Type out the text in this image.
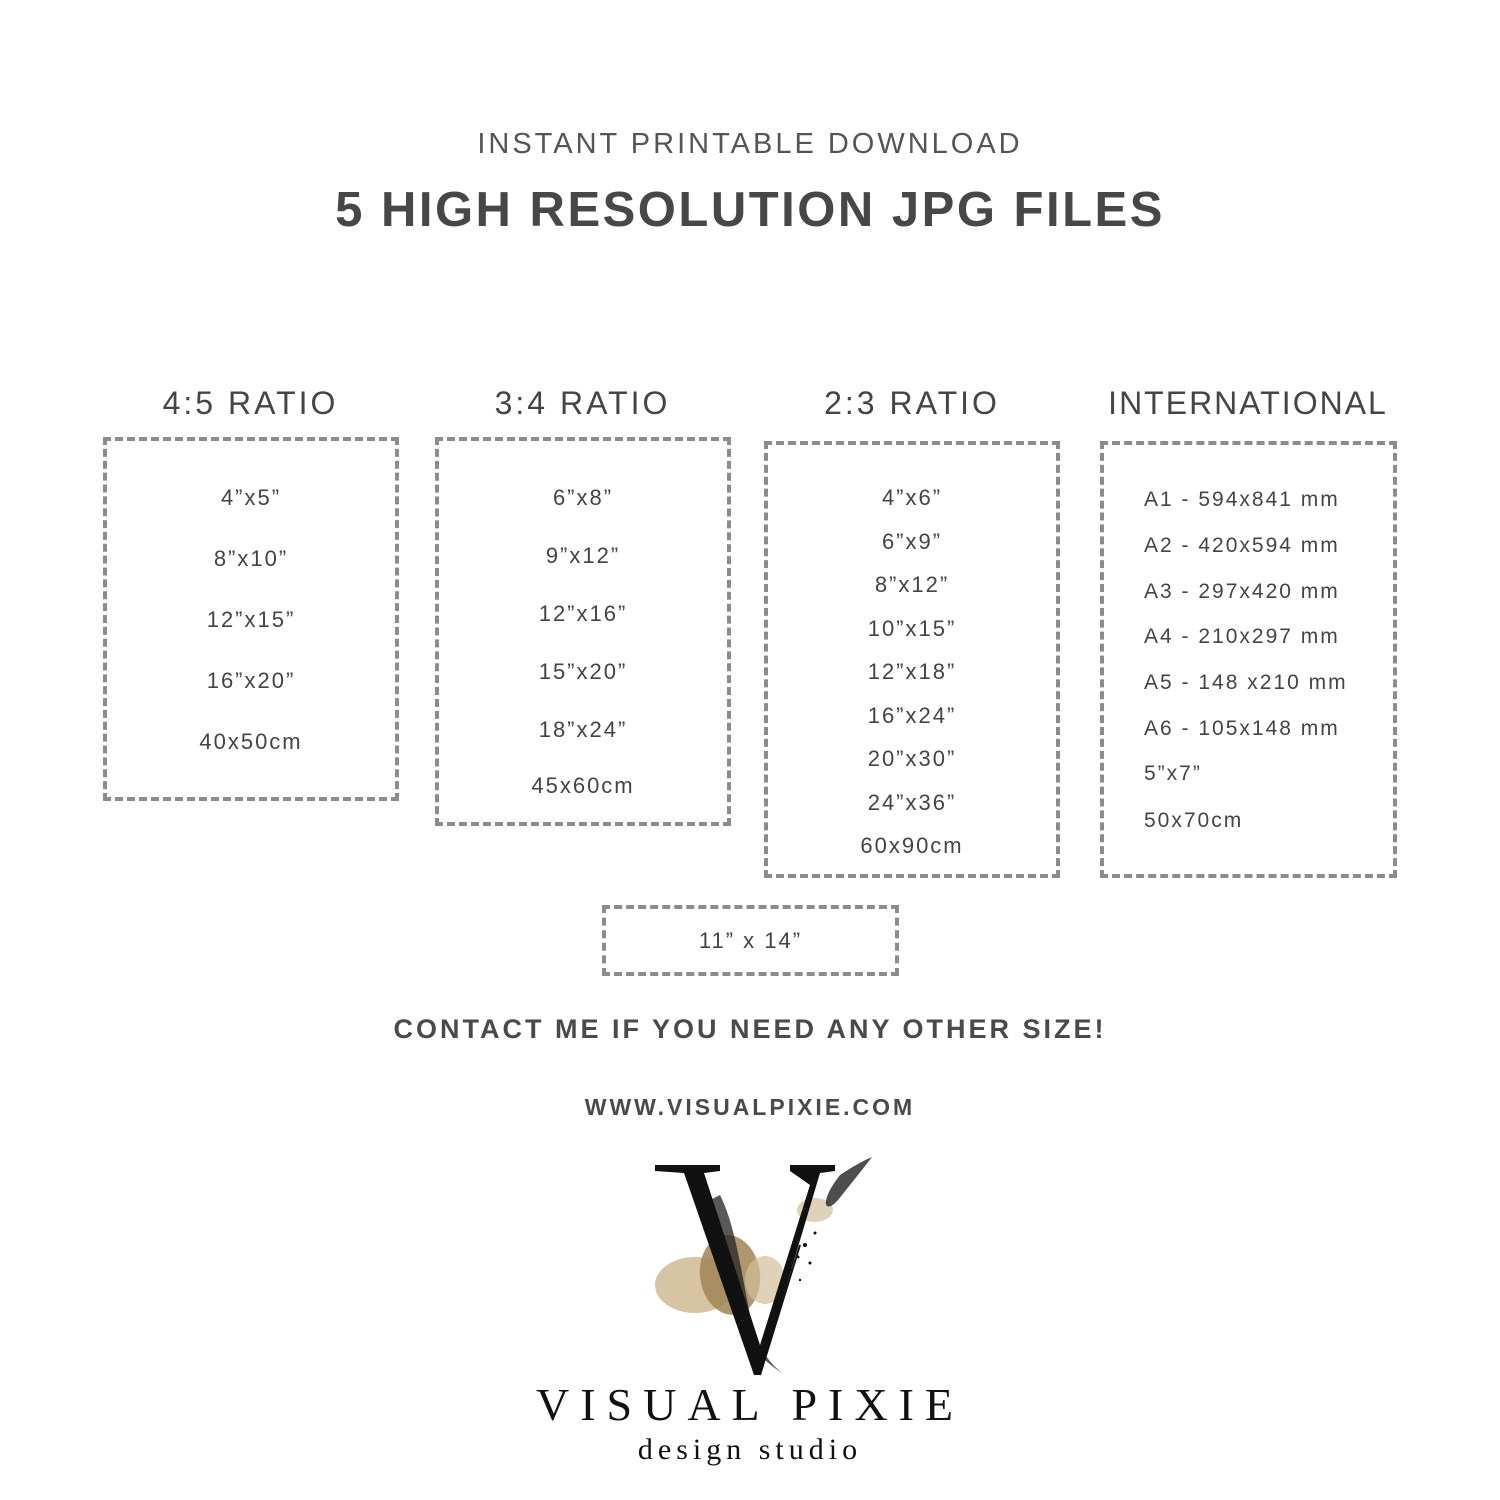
INSTANT PRINTABLE DOWNLOAD
5 HIGH RESOLUTION JPG FILES
4:5 RATIO
4”x5”
8”x10”
12”x15”
16”x20”
40x50cm
3:4 RATIO
6”x8”
9”x12”
12”x16”
15”x20”
18”x24”
45x60cm
2:3 RATIO
4”x6”
6”x9”
8”x12”
10”x15”
12”x18”
16”x24”
20”x30”
24”x36”
60x90cm
INTERNATIONAL
A1 - 594x841 mm
A2 - 420x594 mm
A3 - 297x420 mm
A4 - 210x297 mm
A5 - 148 x210 mm
A6 - 105x148 mm
5”x7”
50x70cm
11” x 14”
CONTACT ME IF YOU NEED ANY OTHER SIZE!
WWW.VISUALPIXIE.COM
VISUAL PIXIE
design studio
